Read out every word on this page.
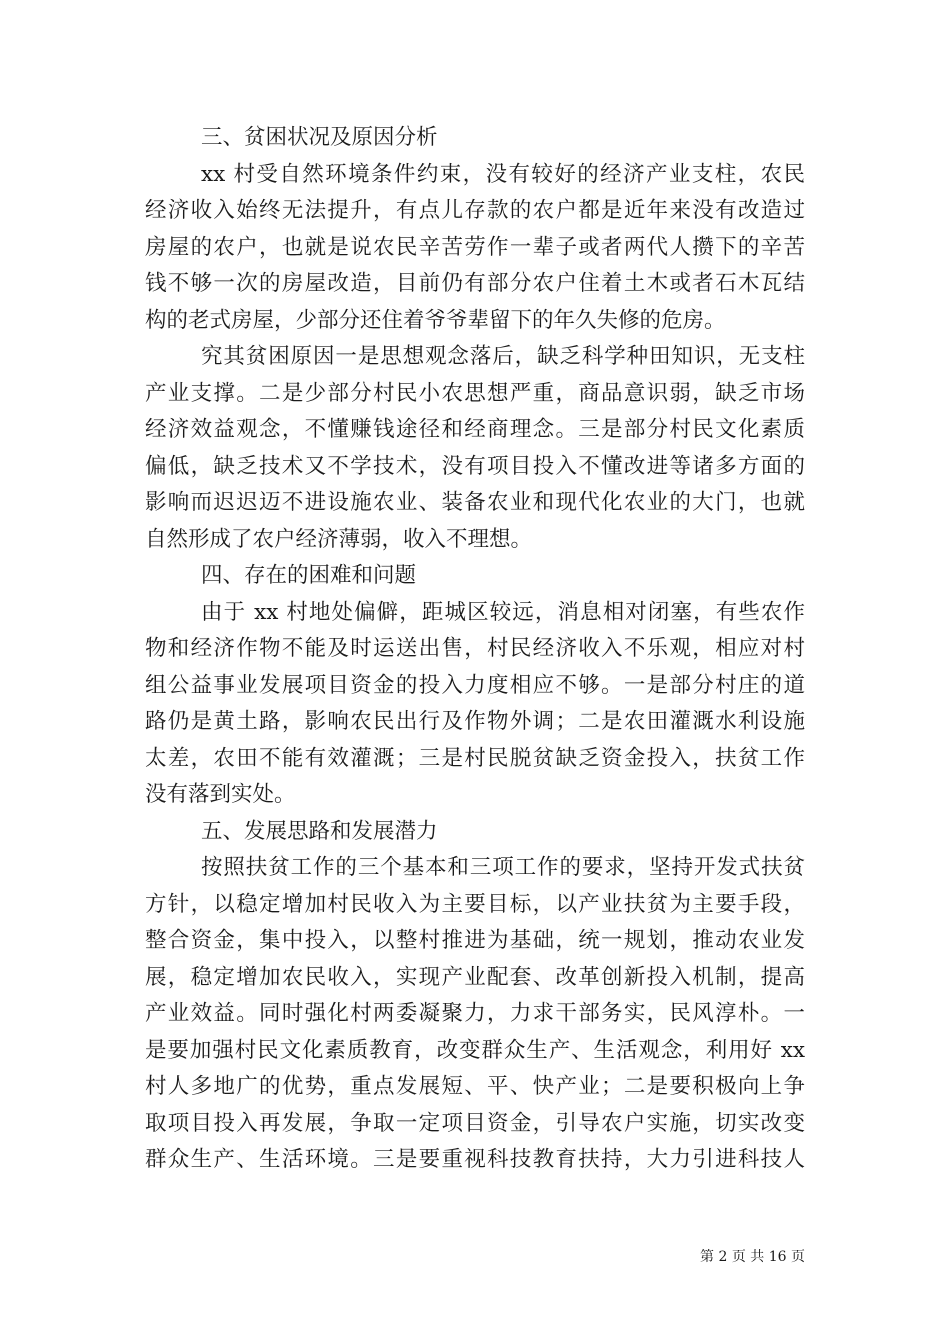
三、贫困状况及原因分析
xx 村受自然环境条件约束，没有较好的经济产业支柱，农民
经济收入始终无法提升，有点儿存款的农户都是近年来没有改造过
房屋的农户，也就是说农民辛苦劳作一辈子或者两代人攒下的辛苦
钱不够一次的房屋改造，目前仍有部分农户住着土木或者石木瓦结
构的老式房屋，少部分还住着爷爷辈留下的年久失修的危房。
究其贫困原因一是思想观念落后，缺乏科学种田知识，无支柱
产业支撑。二是少部分村民小农思想严重，商品意识弱，缺乏市场
经济效益观念，不懂赚钱途径和经商理念。三是部分村民文化素质
偏低，缺乏技术又不学技术，没有项目投入不懂改进等诸多方面的
影响而迟迟迈不进设施农业、装备农业和现代化农业的大门，也就
自然形成了农户经济薄弱，收入不理想。
四、存在的困难和问题
由于 xx 村地处偏僻，距城区较远，消息相对闭塞，有些农作
物和经济作物不能及时运送出售，村民经济收入不乐观，相应对村
组公益事业发展项目资金的投入力度相应不够。一是部分村庄的道
路仍是黄土路，影响农民出行及作物外调；二是农田灌溉水利设施
太差，农田不能有效灌溉；三是村民脱贫缺乏资金投入，扶贫工作
没有落到实处。
五、发展思路和发展潜力
按照扶贫工作的三个基本和三项工作的要求，坚持开发式扶贫
方针，以稳定增加村民收入为主要目标，以产业扶贫为主要手段，
整合资金，集中投入，以整村推进为基础，统一规划，推动农业发
展，稳定增加农民收入，实现产业配套、改革创新投入机制，提高
产业效益。同时强化村两委凝聚力，力求干部务实，民风淳朴。一
是要加强村民文化素质教育，改变群众生产、生活观念，利用好 xx
村人多地广的优势，重点发展短、平、快产业；二是要积极向上争
取项目投入再发展，争取一定项目资金，引导农户实施，切实改变
群众生产、生活环境。三是要重视科技教育扶持，大力引进科技人
第 2 页 共 16 页
